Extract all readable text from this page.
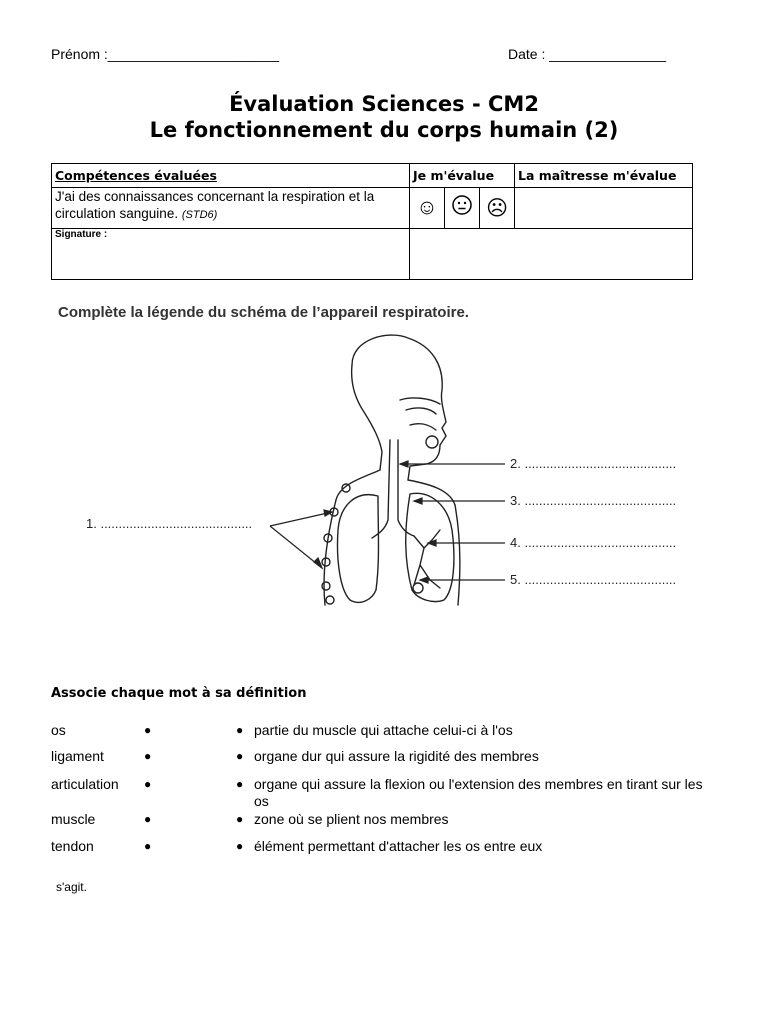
Prénom :______________________	Date : _______________
Évaluation Sciences - CM2
Le fonctionnement du corps humain (2)
Compétences évaluées	Je m'évalue			La maîtresse m'évalue
J'ai des connaissances concernant la respiration et la circulation sanguine. (STD6)	☺		☹	
Signature :				
Complète la légende du schéma de l’appareil respiratoire.
1. ..........................................
2. ..........................................
3. ..........................................
4. ..........................................
5. ..........................................
Associe chaque mot à sa définition
os	●	● partie du muscle qui attache celui-ci à l'os
ligament	●	● organe dur qui assure la rigidité des membres
articulation ●	● organe qui assure la flexion ou l'extension des membres en tirant sur les os
muscle	●	● zone où se plient nos membres
tendon	●	● élément permettant d'attacher les os entre eux
s'agit.
